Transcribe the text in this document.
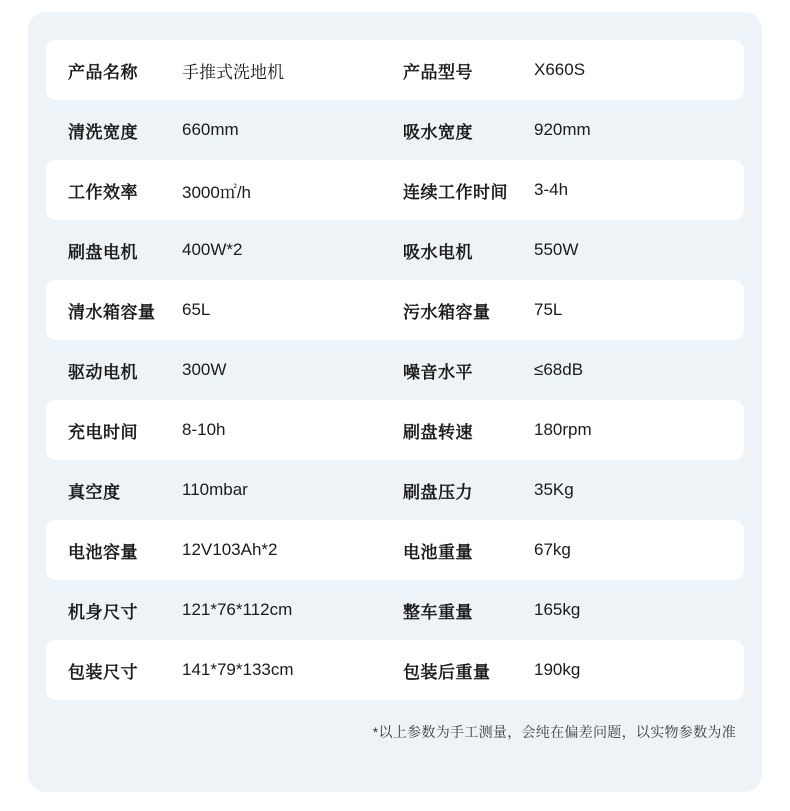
产品名称	手推式洗地机	产品型号	X660S
清洗宽度	660mm	吸水宽度	920mm
工作效率	3000㎡/h	连续工作时间	3-4h
刷盘电机	400W*2	吸水电机	550W
清水箱容量	65L	污水箱容量	75L
驱动电机	300W	噪音水平	≤68dB
充电时间	8-10h	刷盘转速	180rpm
真空度	110mbar	刷盘压力	35Kg
电池容量	12V103Ah*2	电池重量	67kg
机身尺寸	121*76*112cm	整车重量	165kg
包装尺寸	141*79*133cm	包装后重量	190kg
*以上参数为手工测量，会纯在偏差问题，以实物参数为准
